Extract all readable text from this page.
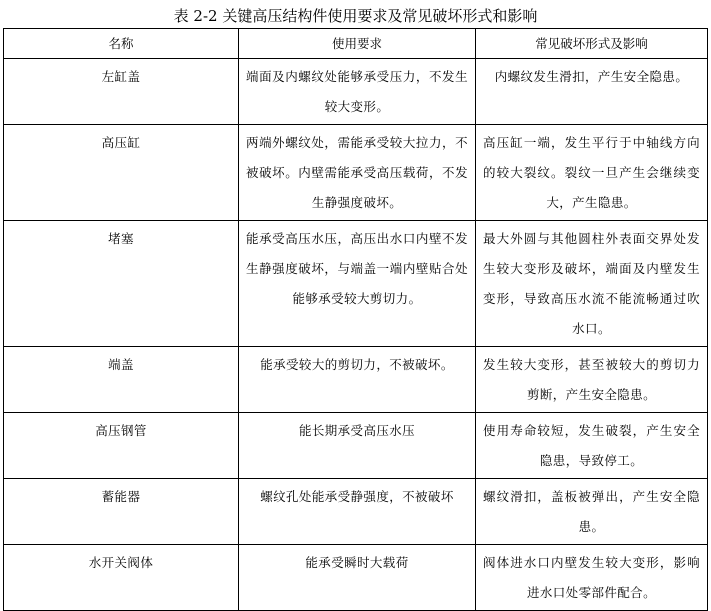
表 2-2 关键高压结构件使用要求及常见破坏形式和影响
名称	使用要求	常见破坏形式及影响

左缸盖	端面及内螺纹处能够承受压力，不发生较大变形。	内螺纹发生滑扣，产生安全隐患。

高压缸	两端外螺纹处，需能承受较大拉力，不被破坏。内壁需能承受高压载荷，不发生静强度破坏。	高压缸一端，发生平行于中轴线方向的较大裂纹。裂纹一旦产生会继续变大，产生隐患。

堵塞	能承受高压水压，高压出水口内壁不发生静强度破坏，与端盖一端内壁贴合处能够承受较大剪切力。	最大外圆与其他圆柱外表面交界处发生较大变形及破坏，端面及内壁发生变形，导致高压水流不能流畅通过吹水口。

端盖	能承受较大的剪切力，不被破坏。	发生较大变形，甚至被较大的剪切力剪断，产生安全隐患。

高压钢管	能长期承受高压水压	使用寿命较短，发生破裂，产生安全隐患，导致停工。

蓄能器	螺纹孔处能承受静强度，不被破坏	螺纹滑扣，盖板被弹出，产生安全隐患。

水开关阀体	能承受瞬时大载荷	阀体进水口内壁发生较大变形，影响进水口处零部件配合。
